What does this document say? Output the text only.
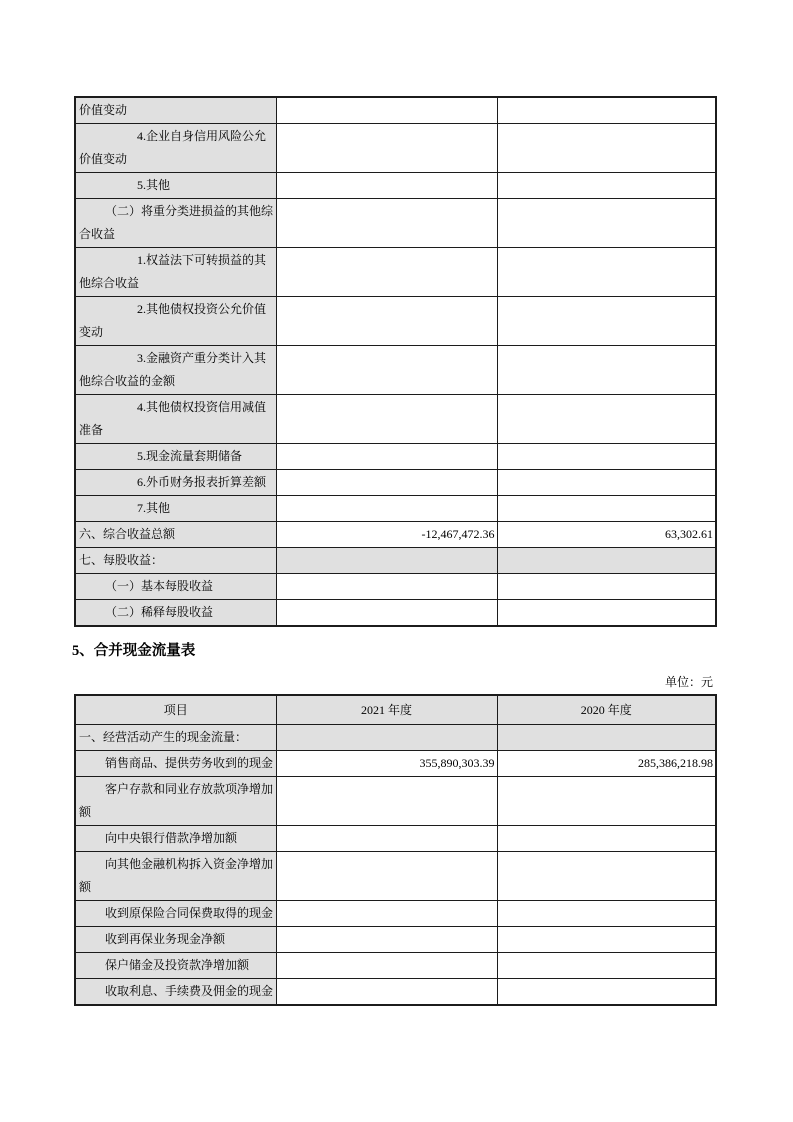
价值变动		
4.企业自身信用风险公允价值变动		
5.其他		
（二）将重分类进损益的其他综合收益		
1.权益法下可转损益的其他综合收益		
2.其他债权投资公允价值变动		
3.金融资产重分类计入其他综合收益的金额		
4.其他债权投资信用减值准备		
5.现金流量套期储备		
6.外币财务报表折算差额		
7.其他		
六、综合收益总额	-12,467,472.36	63,302.61
七、每股收益：		
（一）基本每股收益		
（二）稀释每股收益		
5、合并现金流量表
单位：元
项目	2021 年度	2020 年度
一、经营活动产生的现金流量：		
销售商品、提供劳务收到的现金	355,890,303.39	285,386,218.98
客户存款和同业存放款项净增加额		
向中央银行借款净增加额		
向其他金融机构拆入资金净增加额		
收到原保险合同保费取得的现金		
收到再保业务现金净额		
保户储金及投资款净增加额		
收取利息、手续费及佣金的现金		
